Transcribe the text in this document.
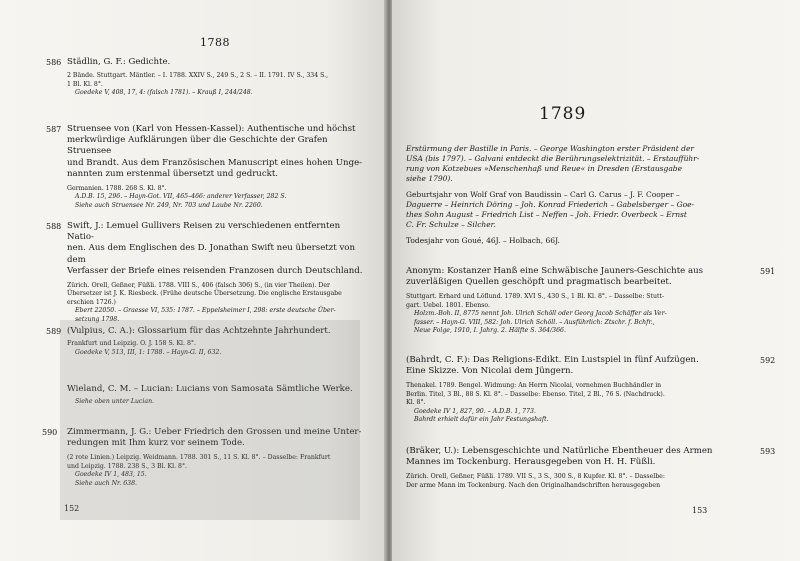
1788
586 Städlin, G. F.: Gedichte.
2 Bände. Stuttgart. Mäntler. – I. 1788. XXIV S., 249 S., 2 S. – II. 1791. IV S., 334 S.,
1 Bl. Kl. 8°.
Goedeke V, 408, 17, 4: (falsch 1781). – Krauß I, 244/248.
587 Struensee von (Karl von Hessen-Kassel): Authentische und höchst
merkwürdige Aufklärungen über die Geschichte der Grafen Struensee
und Brandt. Aus dem Französischen Manuscript eines hohen Unge-
nannten zum erstenmal übersetzt und gedruckt.
Germanien. 1788. 268 S. Kl. 8°.
A.D.B. 15, 296. – Hayn-Got. VII, 465–466: anderer Verfasser, 282 S.
Siehe auch Struensee Nr. 249, Nr. 703 und Laube Nr. 2260.
588 Swift, J.: Lemuel Gullivers Reisen zu verschiedenen entfernten Natio-
nen. Aus dem Englischen des D. Jonathan Swift neu übersetzt von dem
Verfasser der Briefe eines reisenden Franzosen durch Deutschland.
Zürich. Orell, Geßner, Füßli. 1788. VIII S., 406 (falsch 306) S., (in vier Theilen). Der
Übersetzer ist J. K. Riesbeck. (Frühe deutsche Übersetzung. Die englische Erstausgabe
erschien 1726.)
Ebert 22050. – Graesse VI, 535: 1787. – Eppelsheimer I, 298: erste deutsche Über-
setzung 1798.
589 (Vulpius, C. A.): Glossarium für das Achtzehnte Jahrhundert.
Frankfurt und Leipzig. O. J. 158 S. Kl. 8°.
Goedeke V, 513, III, 1: 1788. – Hayn-G. II, 632.
Wieland, C. M. – Lucian: Lucians von Samosata Sämtliche Werke.
Siehe oben unter Lucian.
590 Zimmermann, J. G.: Ueber Friedrich den Grossen und meine Unter-
redungen mit Ihm kurz vor seinem Tode.
(2 rote Linien.) Leipzig. Weidmann. 1788. 301 S., 11 S. Kl. 8°. – Dasselbe: Frankfurt
und Leipzig. 1788. 238 S., 3 Bl. Kl. 8°.
Goedeke IV 1, 483, 15.
Siehe auch Nr. 638.
152
1789
Erstürmung der Bastille in Paris. – George Washington erster Präsident der
USA (bis 1797). – Galvani entdeckt die Berührungselektrizität. – Erstaufführ-
rung von Kotzebues »Menschenhaß und Reue« in Dresden (Erstausgabe
siehe 1790).
Geburtsjahr von Wolf Graf von Baudissin – Carl G. Carus – J. F. Cooper –
Daguerre – Heinrich Döring – Joh. Konrad Friederich – Gabelsberger – Goe-
thes Sohn August – Friedrich List – Neffen – Joh. Friedr. Overbeck – Ernst
C. Fr. Schulze – Silcher.
Todesjahr von Goué, 46J. – Holbach, 66J.
Anonym: Kostanzer Hanß eine Schwäbische Jauners-Geschichte aus
zuverläßigen Quellen geschöpft und pragmatisch bearbeitet.
Stuttgart. Erhard und Löflund. 1789. XVI S., 430 S., 1 Bl. Kl. 8°. – Dasselbe: Stutt-
gart. Uebel. 1801. Ebenso.
Holzm.-Boh. II, 8775 nennt Joh. Ulrich Schöll oder Georg Jacob Schäffer als Ver-
fasser. – Hayn-G. VIII, 582: Joh. Ulrich Schöll. – Ausführlich: Ztschr. f. Bchfr.,
Neue Folge, 1910, I. Jahrg. 2. Hälfte S. 364/366.
591
(Bahrdt, C. F.): Das Religions-Edikt. Ein Lustspiel in fünf Aufzügen.
Eine Skizze. Von Nicolai dem Jüngern.
Thenakel. 1789. Bengel. Widmung: An Herrn Nicolai, vornehmen Buchhändler in
Berlin. Titel, 3 Bl., 88 S. Kl. 8°. – Dasselbe: Ebenso. Titel, 2 Bl., 76 S. (Nachdruck).
Kl. 8°.
Goedeke IV 1, 827, 90. – A.D.B. 1, 773.
Bahrdt erhielt dafür ein Jahr Festungshaft.
592
(Bräker, U.): Lebensgeschichte und Natürliche Ebentheuer des Armen
Mannes im Tockenburg. Herausgegeben von H. H. Füßli.
Zürich. Orell, Geßner, Füßli. 1789. VII S., 3 S., 300 S., 8 Kupfer. Kl. 8°. – Dasselbe:
Der arme Mann im Tockenburg. Nach den Originalhandschriften herausgegeben
593
153
